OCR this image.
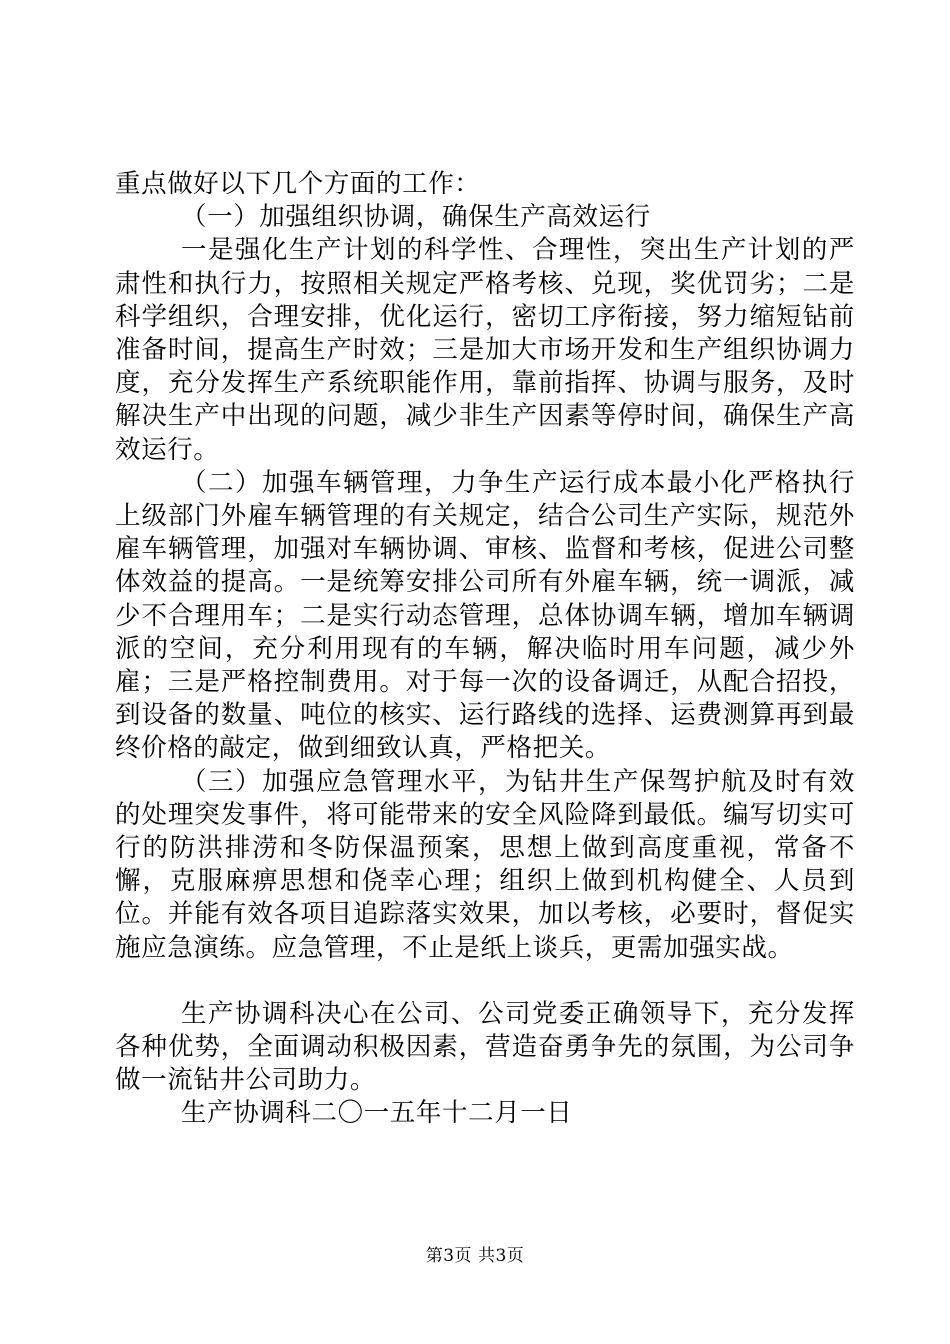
重点做好以下几个方面的工作：

（一）加强组织协调，确保生产高效运行

一是强化生产计划的科学性、合理性，突出生产计划的严肃性和执行力，按照相关规定严格考核、兑现，奖优罚劣；二是科学组织，合理安排，优化运行，密切工序衔接，努力缩短钻前准备时间，提高生产时效；三是加大市场开发和生产组织协调力度，充分发挥生产系统职能作用，靠前指挥、协调与服务，及时解决生产中出现的问题，减少非生产因素等停时间，确保生产高效运行。

（二）加强车辆管理，力争生产运行成本最小化严格执行上级部门外雇车辆管理的有关规定，结合公司生产实际，规范外雇车辆管理，加强对车辆协调、审核、监督和考核，促进公司整体效益的提高。一是统筹安排公司所有外雇车辆，统一调派，减少不合理用车；二是实行动态管理，总体协调车辆，增加车辆调派的空间，充分利用现有的车辆，解决临时用车问题，减少外雇；三是严格控制费用。对于每一次的设备调迁，从配合招投，到设备的数量、吨位的核实、运行路线的选择、运费测算再到最终价格的敲定，做到细致认真，严格把关。

（三）加强应急管理水平，为钻井生产保驾护航及时有效的处理突发事件，将可能带来的安全风险降到最低。编写切实可行的防洪排涝和冬防保温预案，思想上做到高度重视，常备不懈，克服麻痹思想和侥幸心理；组织上做到机构健全、人员到位。并能有效各项目追踪落实效果，加以考核，必要时，督促实施应急演练。应急管理，不止是纸上谈兵，更需加强实战。

生产协调科决心在公司、公司党委正确领导下，充分发挥各种优势，全面调动积极因素，营造奋勇争先的氛围，为公司争做一流钻井公司助力。

生产协调科二〇一五年十二月一日

第3页 共3页
